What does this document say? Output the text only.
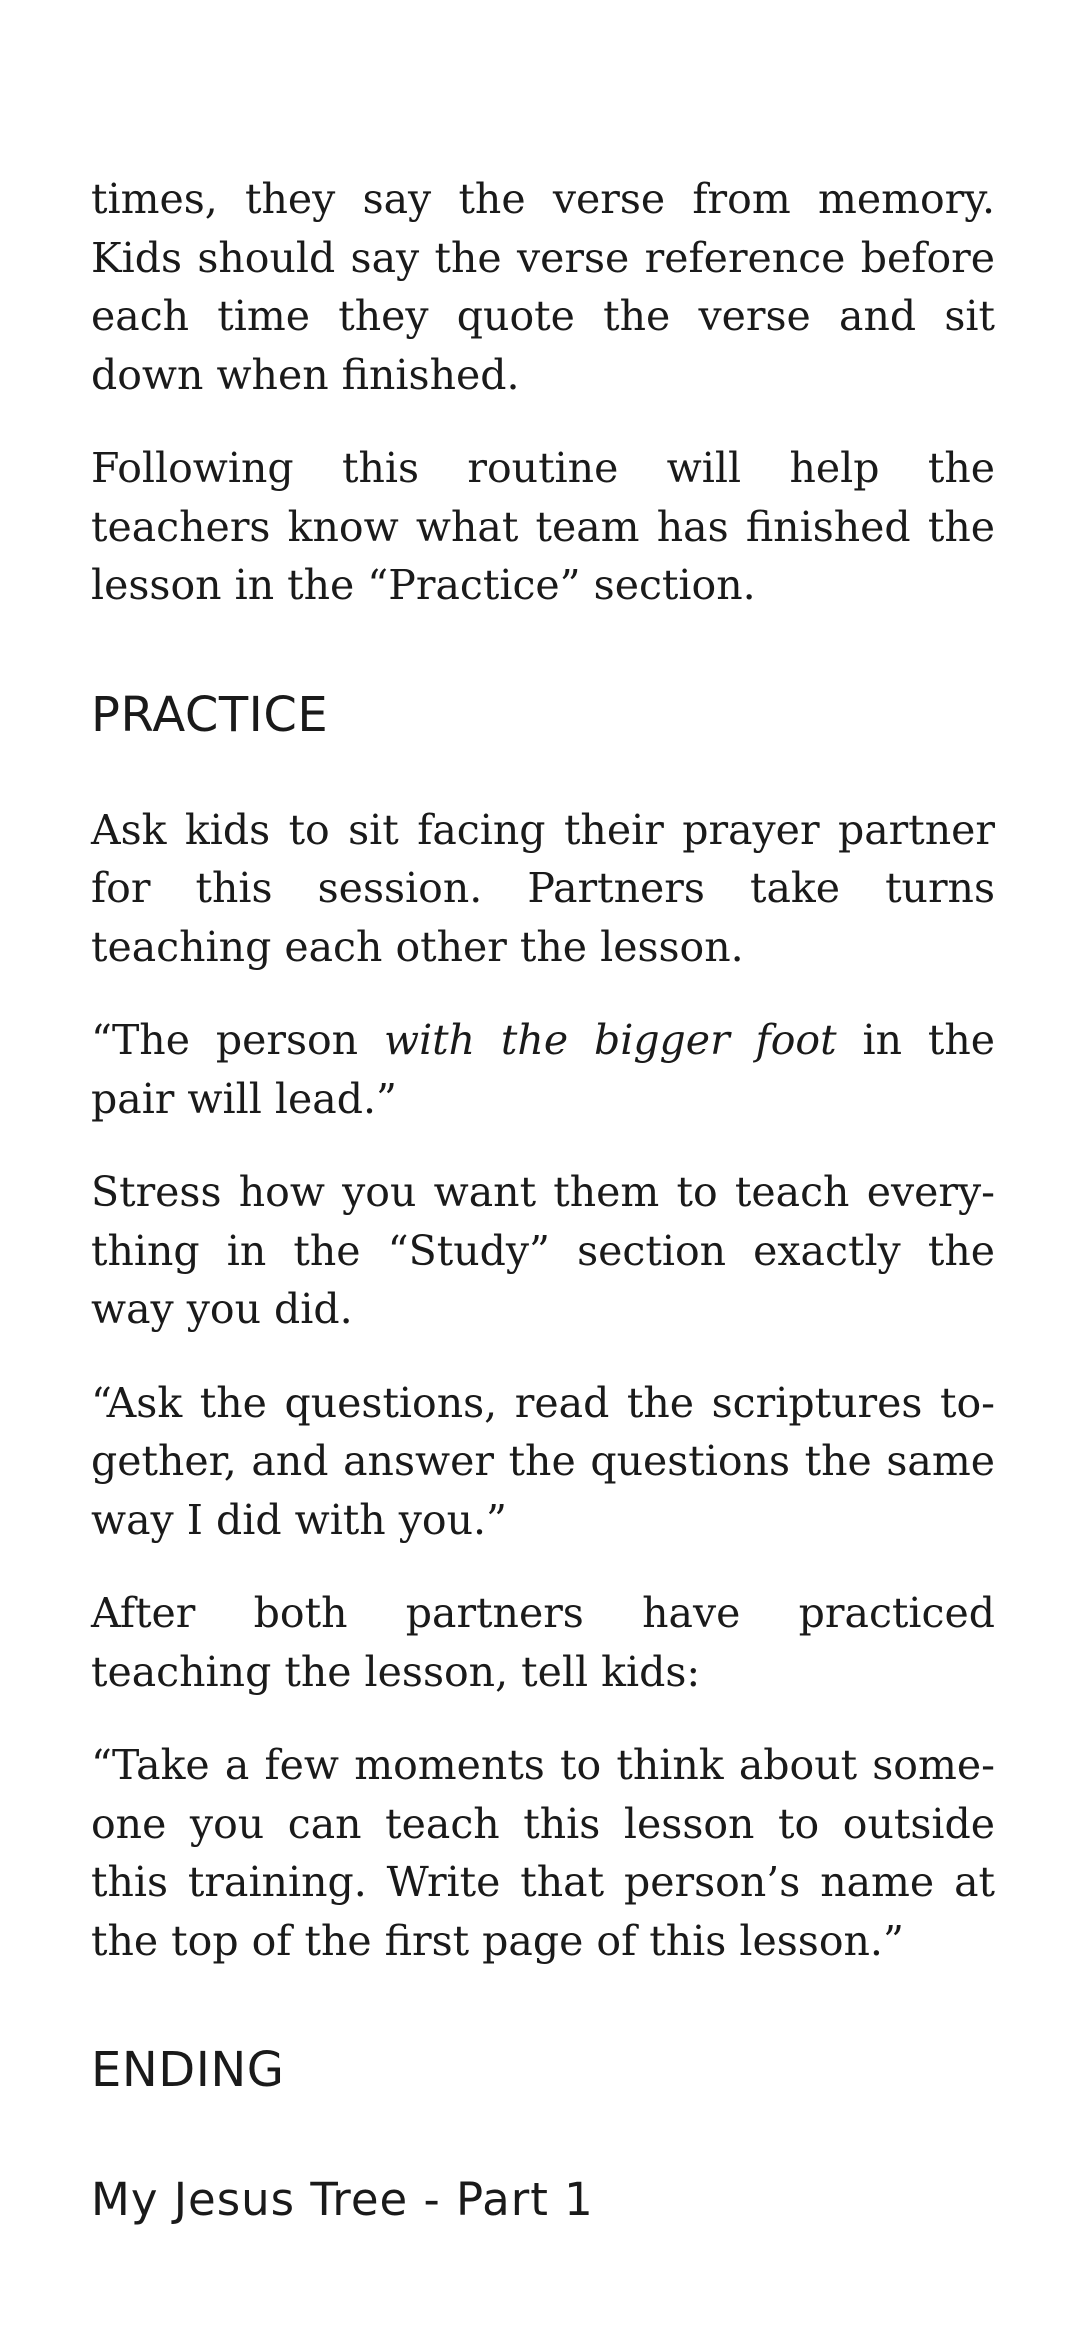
times, they say the verse from memory. Kids should say the verse reference before each time they quote the verse and sit down when finished.

Following this routine will help the teachers know what team has finished the lesson in the “Practice” section.

PRACTICE

Ask kids to sit facing their prayer partner for this session. Partners take turns teaching each other the lesson.

“The person with the bigger foot in the pair will lead.”

Stress how you want them to teach everything in the “Study” section exactly the way you did.

“Ask the questions, read the scriptures together, and answer the questions the same way I did with you.”

After both partners have practiced teaching the lesson, tell kids:

“Take a few moments to think about someone you can teach this lesson to outside this training. Write that person’s name at the top of the first page of this lesson.”

ENDING

My Jesus Tree - Part 1
